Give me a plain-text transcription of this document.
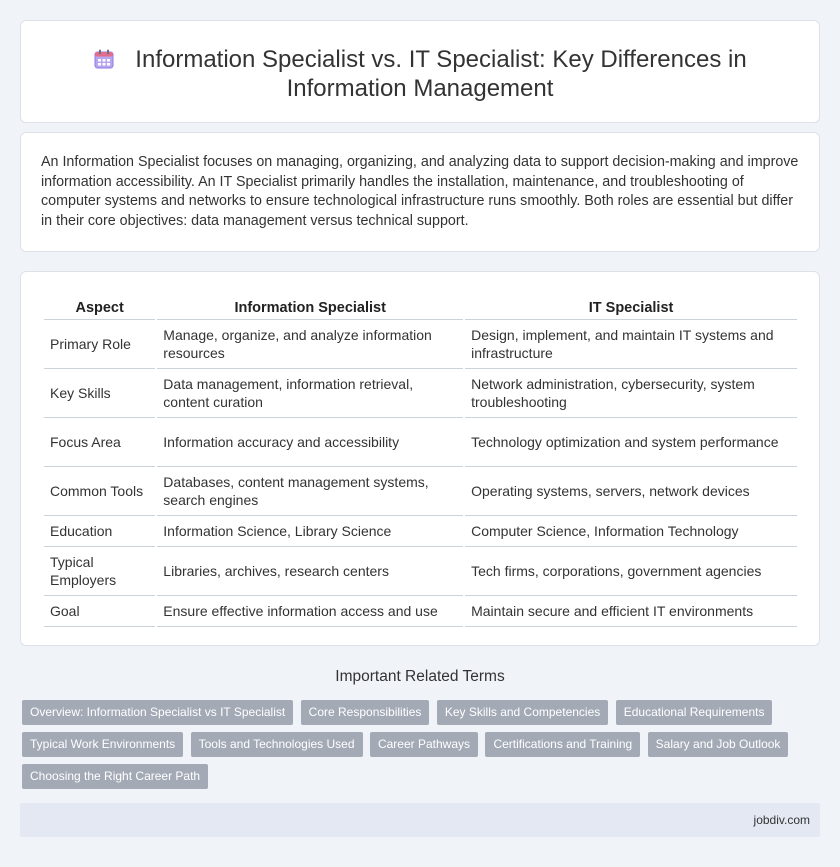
Information Specialist vs. IT Specialist: Key Differences in Information Management

An Information Specialist focuses on managing, organizing, and analyzing data to support decision-making and improve information accessibility. An IT Specialist primarily handles the installation, maintenance, and troubleshooting of computer systems and networks to ensure technological infrastructure runs smoothly. Both roles are essential but differ in their core objectives: data management versus technical support.

Aspect	Information Specialist	IT Specialist
Primary Role	Manage, organize, and analyze information resources	Design, implement, and maintain IT systems and infrastructure
Key Skills	Data management, information retrieval, content curation	Network administration, cybersecurity, system troubleshooting
Focus Area	Information accuracy and accessibility	Technology optimization and system performance
Common Tools	Databases, content management systems, search engines	Operating systems, servers, network devices
Education	Information Science, Library Science	Computer Science, Information Technology
Typical Employers	Libraries, archives, research centers	Tech firms, corporations, government agencies
Goal	Ensure effective information access and use	Maintain secure and efficient IT environments
Important Related Terms
Overview: Information Specialist vs IT Specialist Core Responsibilities Key Skills and Competencies Educational Requirements Typical Work Environments Tools and Technologies Used Career Pathways Certifications and Training Salary and Job Outlook Choosing the Right Career Path
jobdiv.com
